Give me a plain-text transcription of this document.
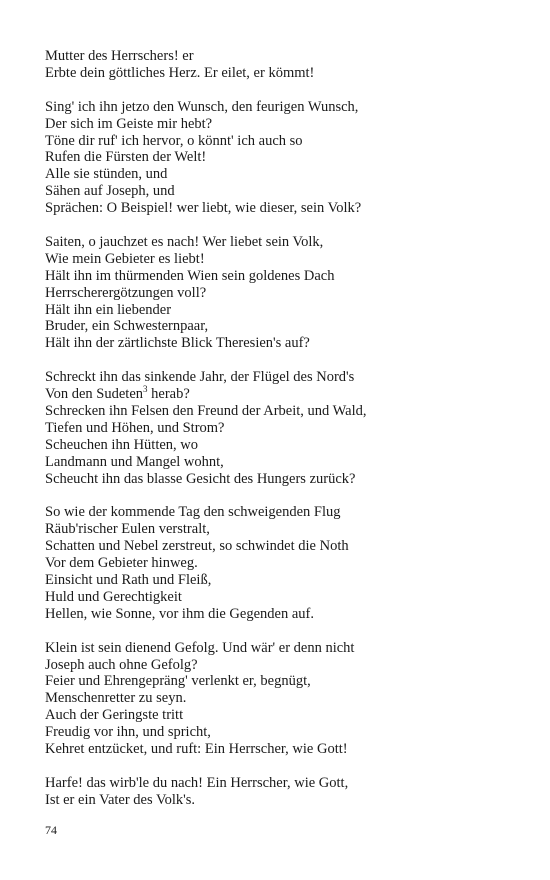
Mutter des Herrschers! er
Erbte dein göttliches Herz. Er eilet, er kömmt!
Sing' ich ihn jetzo den Wunsch, den feurigen Wunsch,
Der sich im Geiste mir hebt?
Töne dir ruf' ich hervor, o könnt' ich auch so
Rufen die Fürsten der Welt!
Alle sie stünden, und
Sähen auf Joseph, und
Sprächen: O Beispiel! wer liebt, wie dieser, sein Volk?
Saiten, o jauchzet es nach! Wer liebet sein Volk,
Wie mein Gebieter es liebt!
Hält ihn im thürmenden Wien sein goldenes Dach
Herrscherergötzungen voll?
Hält ihn ein liebender
Bruder, ein Schwesternpaar,
Hält ihn der zärtlichste Blick Theresien's auf?
Schreckt ihn das sinkende Jahr, der Flügel des Nord's
Von den Sudeten$^3$ herab?
Schrecken ihn Felsen den Freund der Arbeit, und Wald,
Tiefen und Höhen, und Strom?
Scheuchen ihn Hütten, wo
Landmann und Mangel wohnt,
Scheucht ihn das blasse Gesicht des Hungers zurück?
So wie der kommende Tag den schweigenden Flug
Räub'rischer Eulen verstralt,
Schatten und Nebel zerstreut, so schwindet die Noth
Vor dem Gebieter hinweg.
Einsicht und Rath und Fleiß,
Huld und Gerechtigkeit
Hellen, wie Sonne, vor ihm die Gegenden auf.
Klein ist sein dienend Gefolg. Und wär' er denn nicht
Joseph auch ohne Gefolg?
Feier und Ehrengepräng' verlenkt er, begnügt,
Menschenretter zu seyn.
Auch der Geringste tritt
Freudig vor ihn, und spricht,
Kehret entzücket, und ruft: Ein Herrscher, wie Gott!
Harfe! das wirb'le du nach! Ein Herrscher, wie Gott,
Ist er ein Vater des Volk's.
74
